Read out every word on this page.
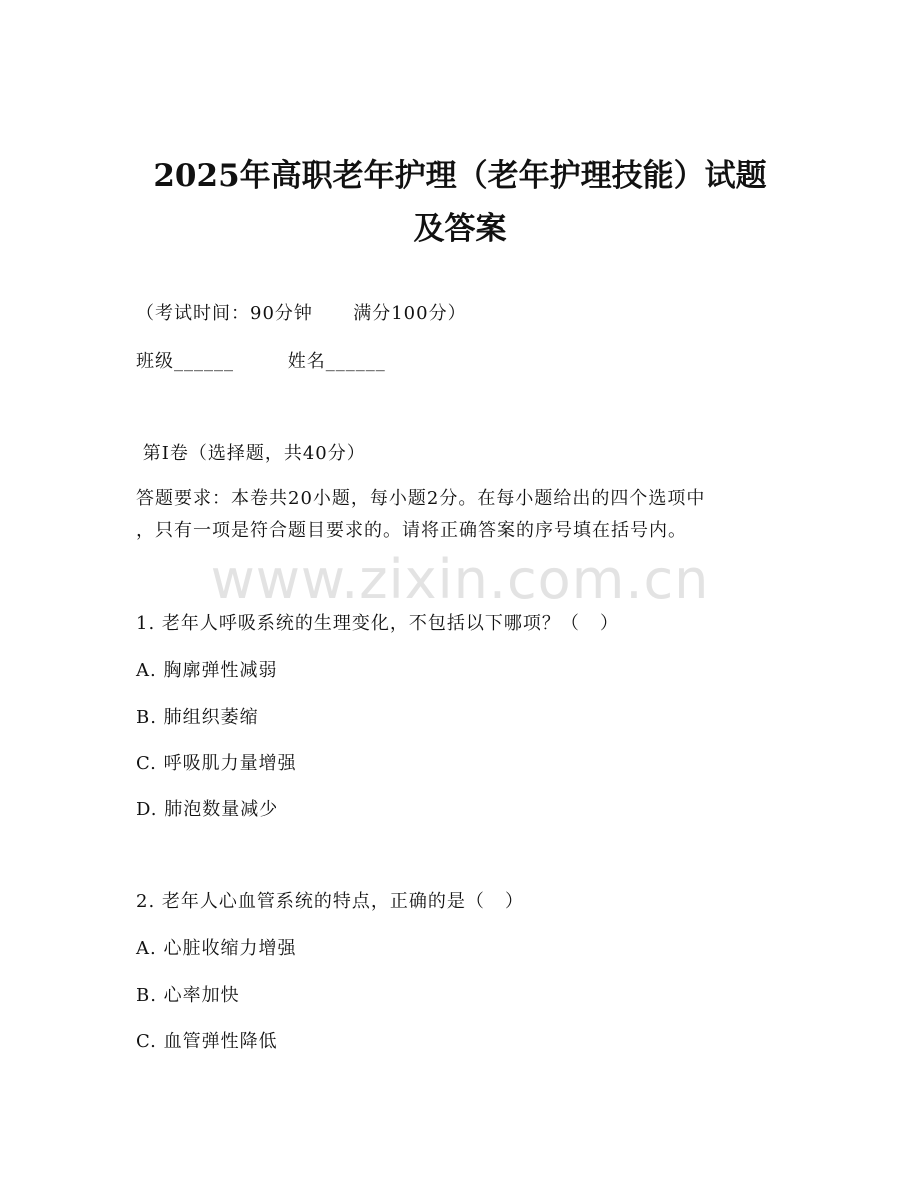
2025年高职老年护理（老年护理技能）试题
及答案
（考试时间：90分钟      满分100分）
班级______        姓名______
第I卷（选择题，共40分）
答题要求：本卷共20小题，每小题2分。在每小题给出的四个选项中
，只有一项是符合题目要求的。请将正确答案的序号填在括号内。
www.zixin.com.cn
1. 老年人呼吸系统的生理变化，不包括以下哪项？（   ）
A. 胸廓弹性减弱
B. 肺组织萎缩
C. 呼吸肌力量增强
D. 肺泡数量减少
2. 老年人心血管系统的特点，正确的是（   ）
A. 心脏收缩力增强
B. 心率加快
C. 血管弹性降低
